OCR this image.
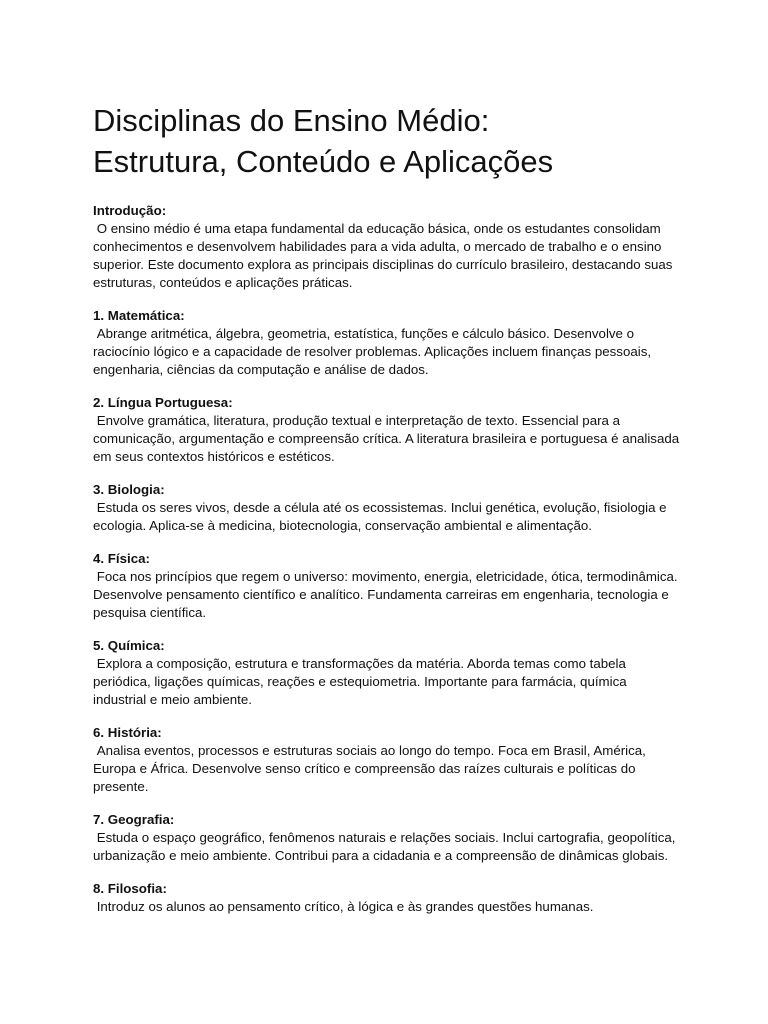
Disciplinas do Ensino Médio:
Estrutura, Conteúdo e Aplicações
Introdução:
O ensino médio é uma etapa fundamental da educação básica, onde os estudantes consolidam conhecimentos e desenvolvem habilidades para a vida adulta, o mercado de trabalho e o ensino superior. Este documento explora as principais disciplinas do currículo brasileiro, destacando suas estruturas, conteúdos e aplicações práticas.
1. Matemática:
Abrange aritmética, álgebra, geometria, estatística, funções e cálculo básico. Desenvolve o raciocínio lógico e a capacidade de resolver problemas. Aplicações incluem finanças pessoais, engenharia, ciências da computação e análise de dados.
2. Língua Portuguesa:
Envolve gramática, literatura, produção textual e interpretação de texto. Essencial para a comunicação, argumentação e compreensão crítica. A literatura brasileira e portuguesa é analisada em seus contextos históricos e estéticos.
3. Biologia:
Estuda os seres vivos, desde a célula até os ecossistemas. Inclui genética, evolução, fisiologia e ecologia. Aplica-se à medicina, biotecnologia, conservação ambiental e alimentação.
4. Física:
Foca nos princípios que regem o universo: movimento, energia, eletricidade, ótica, termodinâmica. Desenvolve pensamento científico e analítico. Fundamenta carreiras em engenharia, tecnologia e pesquisa científica.
5. Química:
Explora a composição, estrutura e transformações da matéria. Aborda temas como tabela periódica, ligações químicas, reações e estequiometria. Importante para farmácia, química industrial e meio ambiente.
6. História:
Analisa eventos, processos e estruturas sociais ao longo do tempo. Foca em Brasil, América, Europa e África. Desenvolve senso crítico e compreensão das raízes culturais e políticas do presente.
7. Geografia:
Estuda o espaço geográfico, fenômenos naturais e relações sociais. Inclui cartografia, geopolítica, urbanização e meio ambiente. Contribui para a cidadania e a compreensão de dinâmicas globais.
8. Filosofia:
Introduz os alunos ao pensamento crítico, à lógica e às grandes questões humanas.
